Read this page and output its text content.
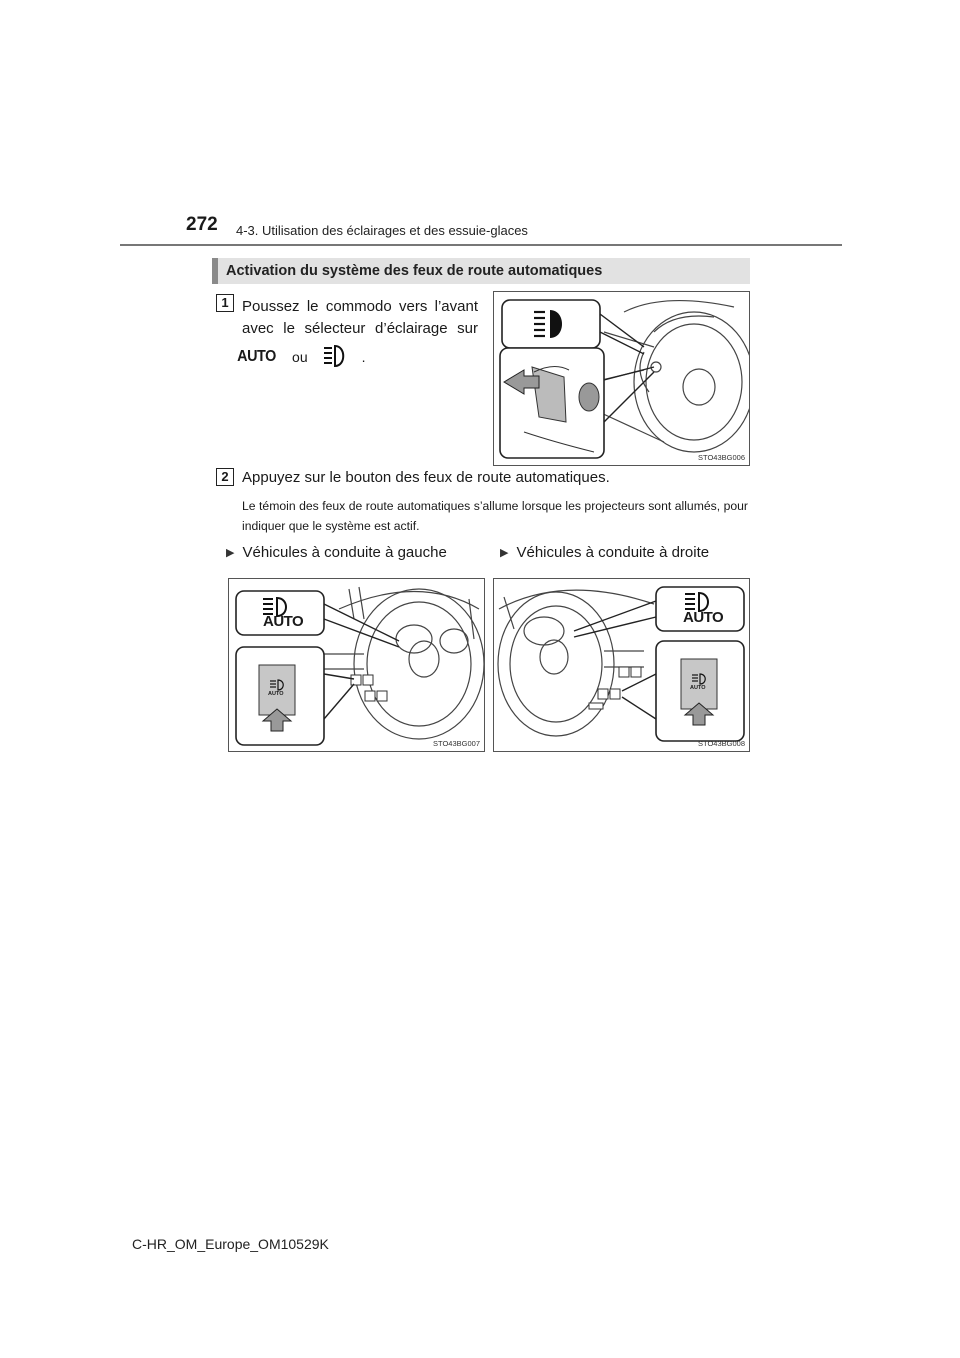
272 4-3. Utilisation des éclairages et des essuie-glaces
Activation du système des feux de route automatiques
1 Poussez le commodo vers l’avant avec le sélecteur d’éclairage sur
AUTO ou	.
STO43BG006
2 Appuyez sur le bouton des feux de route automatiques.
Le témoin des feux de route automatiques s’allume lorsque les projecteurs sont allumés, pour indiquer que le système est actif.
▶ Véhicules à conduite à gauche	▶ Véhicules à conduite à droite
AUTO
AUTO
STO43BG007
AUTO
AUTO
STO43BG008
C-HR_OM_Europe_OM10529K
